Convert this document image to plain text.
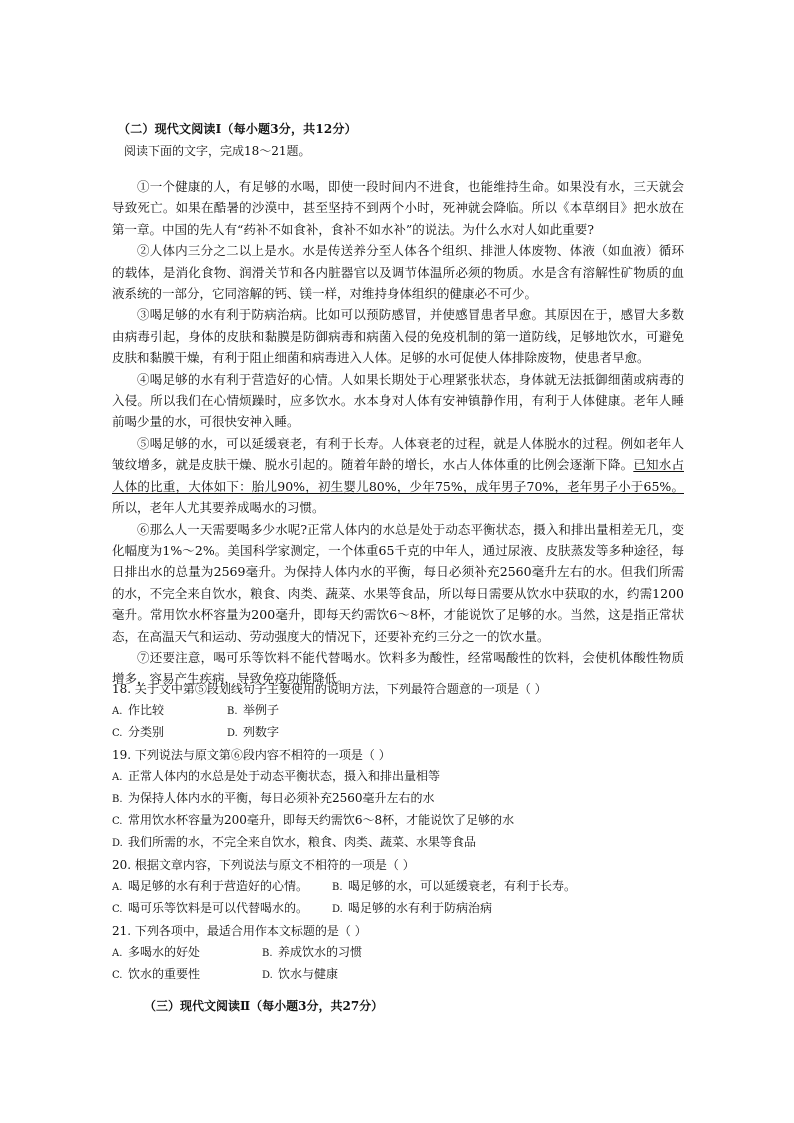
（二）现代文阅读Ⅰ（每小题3分，共12分）
阅读下面的文字，完成18～21题。

①一个健康的人，有足够的水喝，即使一段时间内不进食，也能维持生命。如果没有水，三天就会导致死亡。如果在酷暑的沙漠中，甚至坚持不到两个小时，死神就会降临。所以《本草纲目》把水放在第一章。中国的先人有“药补不如食补，食补不如水补”的说法。为什么水对人如此重要?

②人体内三分之二以上是水。水是传送养分至人体各个组织、排泄人体废物、体液（如血液）循环的载体，是消化食物、润滑关节和各内脏器官以及调节体温所必须的物质。水是含有溶解性矿物质的血液系统的一部分，它同溶解的钙、镁一样，对维持身体组织的健康必不可少。

③喝足够的水有利于防病治病。比如可以预防感冒，并使感冒患者早愈。其原因在于，感冒大多数由病毒引起，身体的皮肤和黏膜是防御病毒和病菌入侵的免疫机制的第一道防线，足够地饮水，可避免皮肤和黏膜干燥，有利于阻止细菌和病毒进入人体。足够的水可促使人体排除废物，使患者早愈。

④喝足够的水有利于营造好的心情。人如果长期处于心理紧张状态，身体就无法抵御细菌或病毒的入侵。所以我们在心情烦躁时，应多饮水。水本身对人体有安神镇静作用，有利于人体健康。老年人睡前喝少量的水，可很快安神入睡。

⑤喝足够的水，可以延缓衰老，有利于长寿。人体衰老的过程，就是人体脱水的过程。例如老年人皱纹增多，就是皮肤干燥、脱水引起的。随着年龄的增长，水占人体体重的比例会逐渐下降。已知水占人体的比重，大体如下：胎儿90%，初生婴儿80%，少年75%，成年男子70%，老年男子小于65%。所以，老年人尤其要养成喝水的习惯。

⑥那么人一天需要喝多少水呢?正常人体内的水总是处于动态平衡状态，摄入和排出量相差无几，变化幅度为1%～2%。美国科学家测定，一个体重65千克的中年人，通过尿液、皮肤蒸发等多种途径，每日排出水的总量为2569毫升。为保持人体内水的平衡，每日必须补充2560毫升左右的水。但我们所需的水，不完全来自饮水，粮食、肉类、蔬菜、水果等食品，所以每日需要从饮水中获取的水，约需1200毫升。常用饮水杯容量为200毫升，即每天约需饮6～8杯，才能说饮了足够的水。当然，这是指正常状态，在高温天气和运动、劳动强度大的情况下，还要补充约三分之一的饮水量。

⑦还要注意，喝可乐等饮料不能代替喝水。饮料多为酸性，经常喝酸性的饮料，会使机体酸性物质增多，容易产生疾病，导致免疫功能降低。

18. 关于文中第⑤段划线句子主要使用的说明方法，下列最符合题意的一项是（ ）

A. 作比较	B. 举例子
C. 分类别	D. 列数字

19. 下列说法与原文第⑥段内容不相符的一项是（ ）

A. 正常人体内的水总是处于动态平衡状态，摄入和排出量相等
B. 为保持人体内水的平衡，每日必须补充2560毫升左右的水
C. 常用饮水杯容量为200毫升，即每天约需饮6～8杯，才能说饮了足够的水
D. 我们所需的水，不完全来自饮水，粮食、肉类、蔬菜、水果等食品

20. 根据文章内容，下列说法与原文不相符的一项是（ ）

A. 喝足够的水有利于营造好的心情。	B. 喝足够的水，可以延缓衰老，有利于长寿。
C. 喝可乐等饮料是可以代替喝水的。	D. 喝足够的水有利于防病治病

21. 下列各项中，最适合用作本文标题的是（ ）

A. 多喝水的好处	B. 养成饮水的习惯
C. 饮水的重要性	D. 饮水与健康
（三）现代文阅读Ⅱ（每小题3分，共27分）
